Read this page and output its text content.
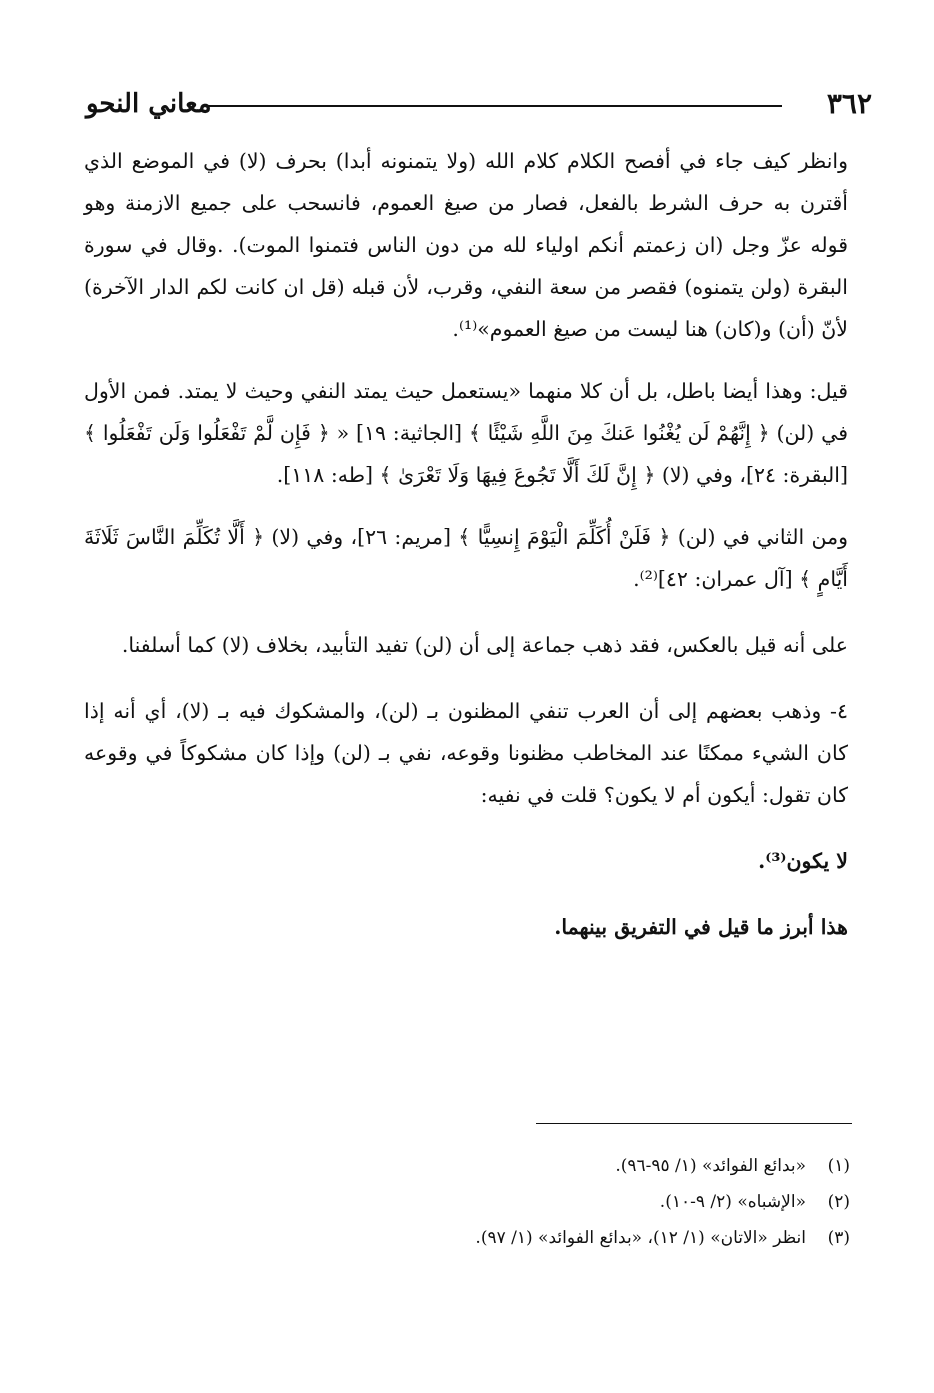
٣٦٢
معاني النحو

وانظر كيف جاء في أفصح الكلام كلام الله (ولا يتمنونه أبدا) بحرف (لا) في الموضع الذي أقترن به حرف الشرط بالفعل، فصار من صيغ العموم، فانسحب على جميع الازمنة وهو قوله عزّ وجل (ان زعمتم أنكم اولياء لله من دون الناس فتمنوا الموت). .وقال في سورة البقرة (ولن يتمنوه) فقصر من سعة النفي، وقرب، لأن قبله (قل ان كانت لكم الدار الآخرة) لأنّ (أن) و(كان) هنا ليست من صيغ العموم»⁽¹⁾.

قيل: وهذا أيضا باطل، بل أن كلا منهما «يستعمل حيث يمتد النفي وحيث لا يمتد. فمن الأول في (لن) ﴿ إِنَّهُمْ لَن يُغْنُوا عَنكَ مِنَ اللَّهِ شَيْئًا ﴾ [الجاثية: ١٩] « ﴿ فَإِن لَّمْ تَفْعَلُوا وَلَن تَفْعَلُوا ﴾ [البقرة: ٢٤]، وفي (لا) ﴿ إِنَّ لَكَ أَلَّا تَجُوعَ فِيهَا وَلَا تَعْرَىٰ ﴾ [طه: ١١٨].

ومن الثاني في (لن) ﴿ فَلَنْ أُكَلِّمَ الْيَوْمَ إِنسِيًّا ﴾ [مريم: ٢٦]، وفي (لا) ﴿ أَلَّا تُكَلِّمَ النَّاسَ ثَلَاثَةَ أَيَّامٍ ﴾ [آل عمران: ٤٢]⁽²⁾.

على أنه قيل بالعكس، فقد ذهب جماعة إلى أن (لن) تفيد التأبيد، بخلاف (لا) كما أسلفنا.

٤- وذهب بعضهم إلى أن العرب تنفي المظنون بـ (لن)، والمشكوك فيه بـ (لا)، أي أنه إذا كان الشيء ممكنًا عند المخاطب مظنونا وقوعه، نفي بـ (لن) وإذا كان مشكوكاً في وقوعه كان تقول: أيكون أم لا يكون؟ قلت في نفيه:

لا يكون⁽³⁾.

هذا أبرز ما قيل في التفريق بينهما.

(١)«بدائع الفوائد» (١/ ٩٥-٩٦).
(٢)«الإشباه» (٢/ ٩-١٠).
(٣)انظر «الاتان» (١/ ١٢)، «بدائع الفوائد» (١/ ٩٧).
